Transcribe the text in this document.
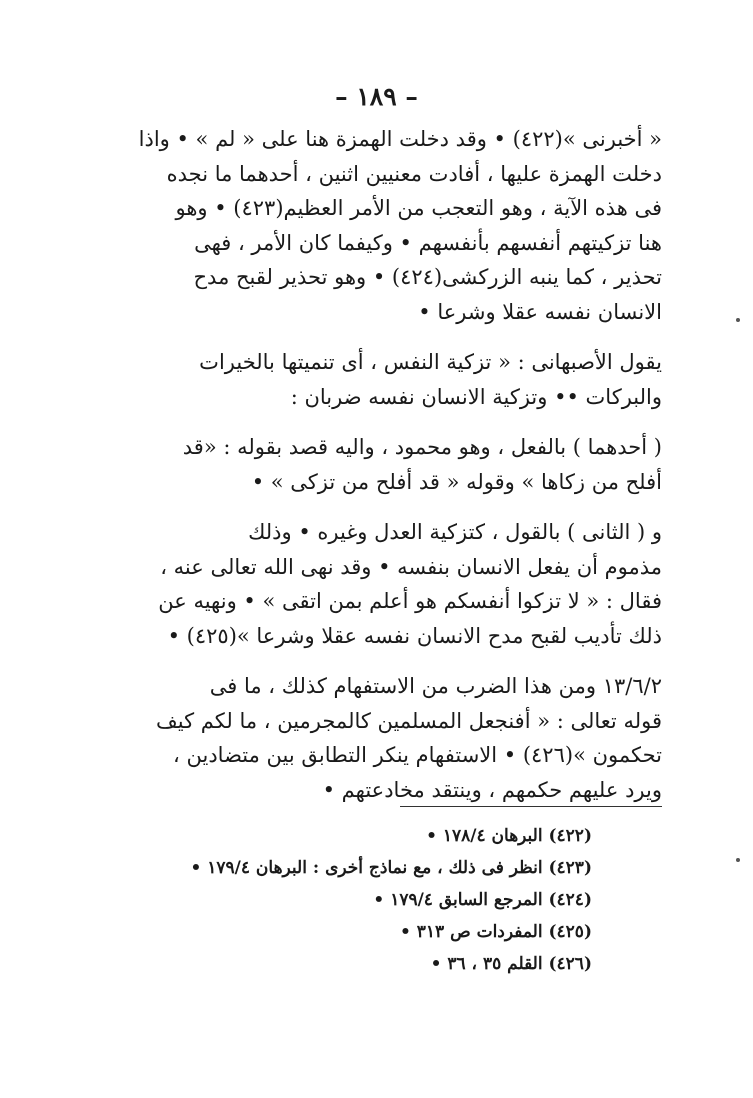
– ١٨٩ –
« أخبرنى »(٤٢٢) • وقد دخلت الهمزة هنا على « لم » • واذا
دخلت الهمزة عليها ، أفادت معنيين اثنين ، أحدهما ما نجده
فى هذه الآية ، وهو التعجب من الأمر العظيم(٤٢٣) • وهو
هنا تزكيتهم أنفسهم بأنفسهم • وكيفما كان الأمر ، فهى
تحذير ، كما ينبه الزركشى(٤٢٤) • وهو تحذير لقبح مدح
الانسان نفسه عقلا وشرعا •
يقول الأصبهانى : « تزكية النفس ، أى تنميتها بالخيرات
والبركات •• وتزكية الانسان نفسه ضربان :
( أحدهما ) بالفعل ، وهو محمود ، واليه قصد بقوله : «قد
أفلح من زكاها » وقوله « قد أفلح من تزكى » •
و ( الثانى ) بالقول ، كتزكية العدل وغيره • وذلك
مذموم أن يفعل الانسان بنفسه • وقد نهى الله تعالى عنه ،
فقال : « لا تزكوا أنفسكم هو أعلم بمن اتقى » • ونهيه عن
ذلك تأديب لقبح مدح الانسان نفسه عقلا وشرعا »(٤٢٥) •
١٣/٦/٢ ومن هذا الضرب من الاستفهام كذلك ، ما فى
قوله تعالى : « أفنجعل المسلمين كالمجرمين ، ما لكم كيف
تحكمون »(٤٢٦) • الاستفهام ينكر التطابق بين متضادين ،
ويرد عليهم حكمهم ، وينتقد مخادعتهم •
(٤٢٢) البرهان ١٧٨/٤ •
(٤٢٣) انظر فى ذلك ، مع نماذج أخرى : البرهان ١٧٩/٤ •
(٤٢٤) المرجع السابق ١٧٩/٤ •
(٤٢٥) المفردات ص ٣١٣ •
(٤٢٦) القلم ٣٥ ، ٣٦ •
